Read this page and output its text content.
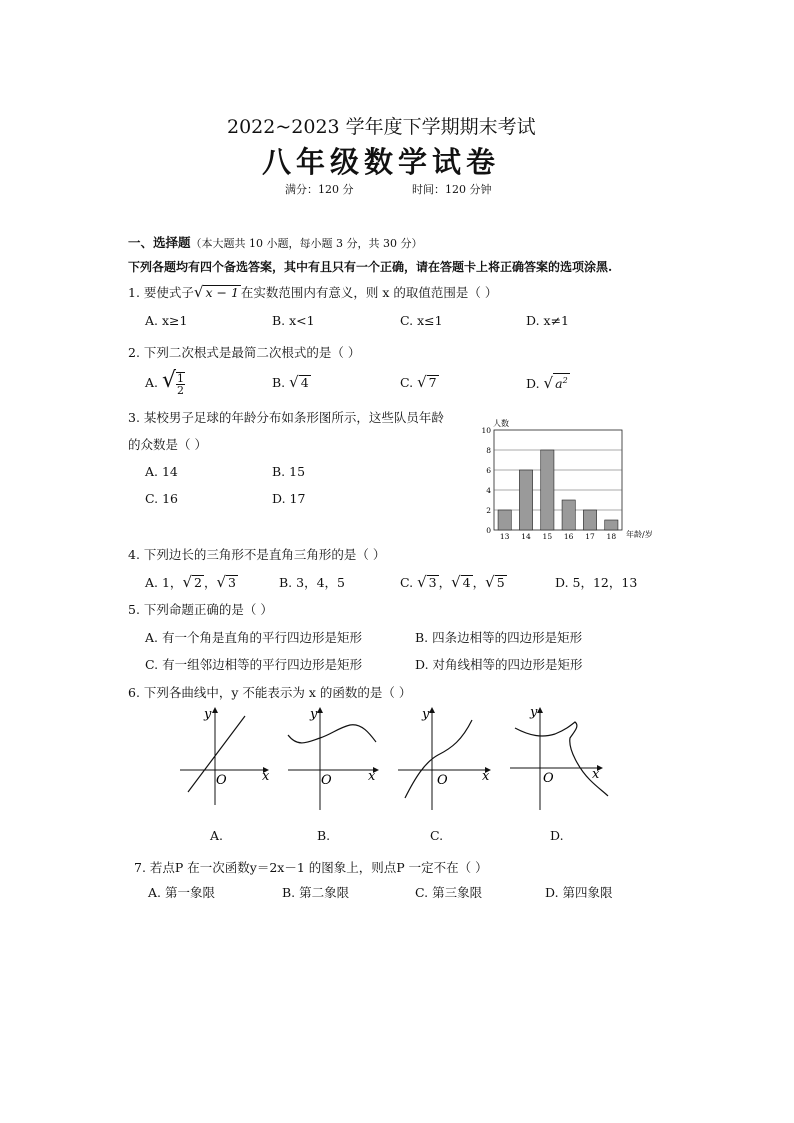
2022~2023 学年度下学期期末考试
八年级数学试卷
满分：120 分	时间：120 分钟
一、选择题（本大题共 10 小题，每小题 3 分，共 30 分）
下列各题均有四个备选答案，其中有且只有一个正确，请在答题卡上将正确答案的选项涂黑.
1. 要使式子√ x − 1 在实数范围内有意义，则 x 的取值范围是（ ）
A. x≥1	B. x<1	C. x≤1	D. x≠1
2. 下列二次根式是最简二次根式的是（ ）
A. √ $\frac{1}{2}$	B. √ 4	C. √ 7	D. √ $a^2$
3. 某校男子足球的年龄分布如条形图所示，这些队员年龄
的众数是（ ）
A. 14	B. 15
C. 16	D. 17
0
2
4
6
8
10
13 14 15 16 17 18
人数
年龄/岁
4. 下列边长的三角形不是直角三角形的是（ ）
A. 1，√ 2 ，√ 3	B. 3，4，5	C. √ 3 ，√ 4 ，√ 5	D. 5，12，13
5. 下列命题正确的是（ ）
A. 有一个角是直角的平行四边形是矩形	B. 四条边相等的四边形是矩形
C. 有一组邻边相等的平行四边形是矩形	D. 对角线相等的四边形是矩形
6. 下列各曲线中，y 不能表示为 x 的函数的是（ ）
y
x
O
y
x
O
y
x
O
y
x
O
A.	B.	C.	D.
7. 若点P 在一次函数y＝2x－1 的图象上，则点P 一定不在（ ）
A. 第一象限	B. 第二象限	C. 第三象限	D. 第四象限
